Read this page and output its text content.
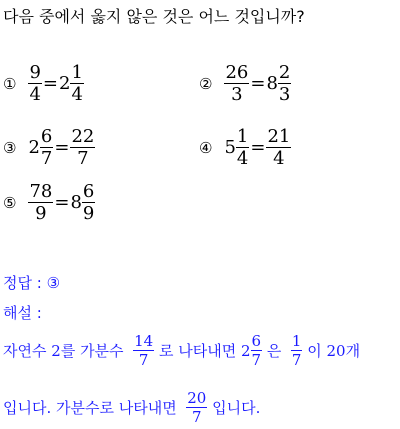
다음 중에서 옳지 않은 것은 어느 것입니까?
① $\frac{9}{4} = 2 \frac{1}{4}$	② $\frac{26}{3} = 8 \frac{2}{3}$
③ $2 \frac{6}{7} = \frac{22}{7}$	④ $5 \frac{1}{4} = \frac{21}{4}$
⑤ $\frac{78}{9} = 8 \frac{6}{9}$
정답 : ③
해설 :
자연수
2 를 가분수
$\frac{14}{7}$
로 나타내면
$2 \frac{6}{7}$
은
$\frac{1}{7}$
이
20 개
입니다. 가분수로 나타내면
$\frac{20}{7}$
입니다.
